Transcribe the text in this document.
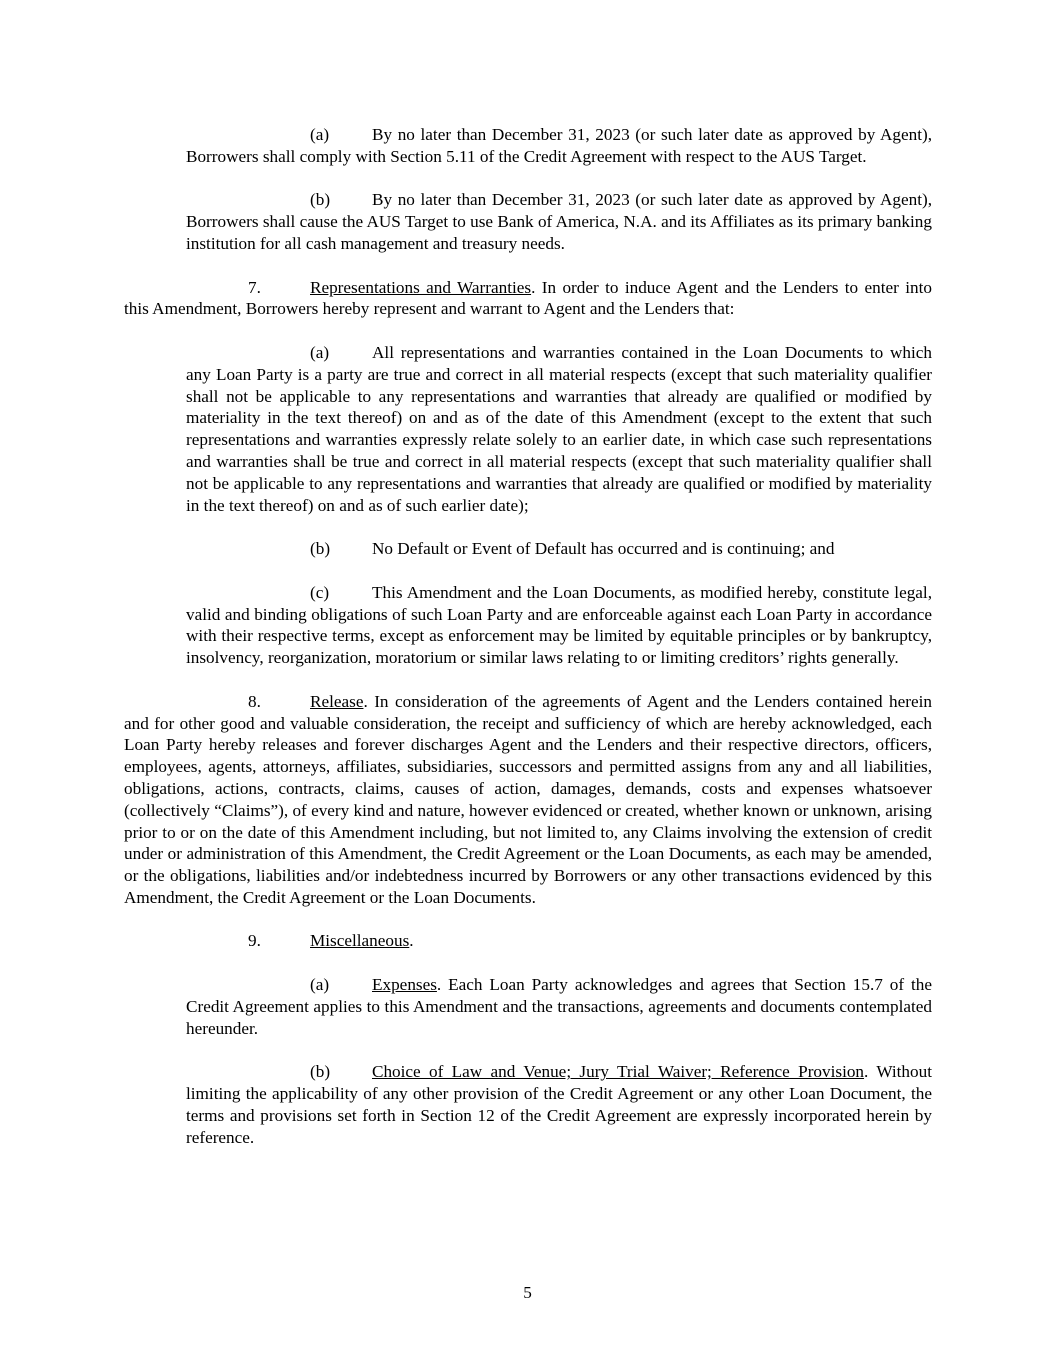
(a) By no later than December 31, 2023 (or such later date as approved by Agent), Borrowers shall comply with Section 5.11 of the Credit Agreement with respect to the AUS Target.

(b) By no later than December 31, 2023 (or such later date as approved by Agent), Borrowers shall cause the AUS Target to use Bank of America, N.A. and its Affiliates as its primary banking institution for all cash management and treasury needs.

7.	Representations and Warranties. In order to induce Agent and the Lenders to enter into this Amendment, Borrowers hereby represent and warrant to Agent and the Lenders that:

(a) All representations and warranties contained in the Loan Documents to which any Loan Party is a party are true and correct in all material respects (except that such materiality qualifier shall not be applicable to any representations and warranties that already are qualified or modified by materiality in the text thereof) on and as of the date of this Amendment (except to the extent that such representations and warranties expressly relate solely to an earlier date, in which case such representations and warranties shall be true and correct in all material respects (except that such materiality qualifier shall not be applicable to any representations and warranties that already are qualified or modified by materiality in the text thereof) on and as of such earlier date);

(b) No Default or Event of Default has occurred and is continuing; and

(c) This Amendment and the Loan Documents, as modified hereby, constitute legal, valid and binding obligations of such Loan Party and are enforceable against each Loan Party in accordance with their respective terms, except as enforcement may be limited by equitable principles or by bankruptcy, insolvency, reorganization, moratorium or similar laws relating to or limiting creditors’ rights generally.

8.	Release. In consideration of the agreements of Agent and the Lenders contained herein and for other good and valuable consideration, the receipt and sufficiency of which are hereby acknowledged, each Loan Party hereby releases and forever discharges Agent and the Lenders and their respective directors, officers, employees, agents, attorneys, affiliates, subsidiaries, successors and permitted assigns from any and all liabilities, obligations, actions, contracts, claims, causes of action, damages, demands, costs and expenses whatsoever (collectively “Claims”), of every kind and nature, however evidenced or created, whether known or unknown, arising prior to or on the date of this Amendment including, but not limited to, any Claims involving the extension of credit under or administration of this Amendment, the Credit Agreement or the Loan Documents, as each may be amended, or the obligations, liabilities and/or indebtedness incurred by Borrowers or any other transactions evidenced by this Amendment, the Credit Agreement or the Loan Documents.

9.	Miscellaneous.

(a) Expenses. Each Loan Party acknowledges and agrees that Section 15.7 of the Credit Agreement applies to this Amendment and the transactions, agreements and documents contemplated hereunder.

(b) Choice of Law and Venue; Jury Trial Waiver; Reference Provision. Without limiting the applicability of any other provision of the Credit Agreement or any other Loan Document, the terms and provisions set forth in Section 12 of the Credit Agreement are expressly incorporated herein by reference.

5
